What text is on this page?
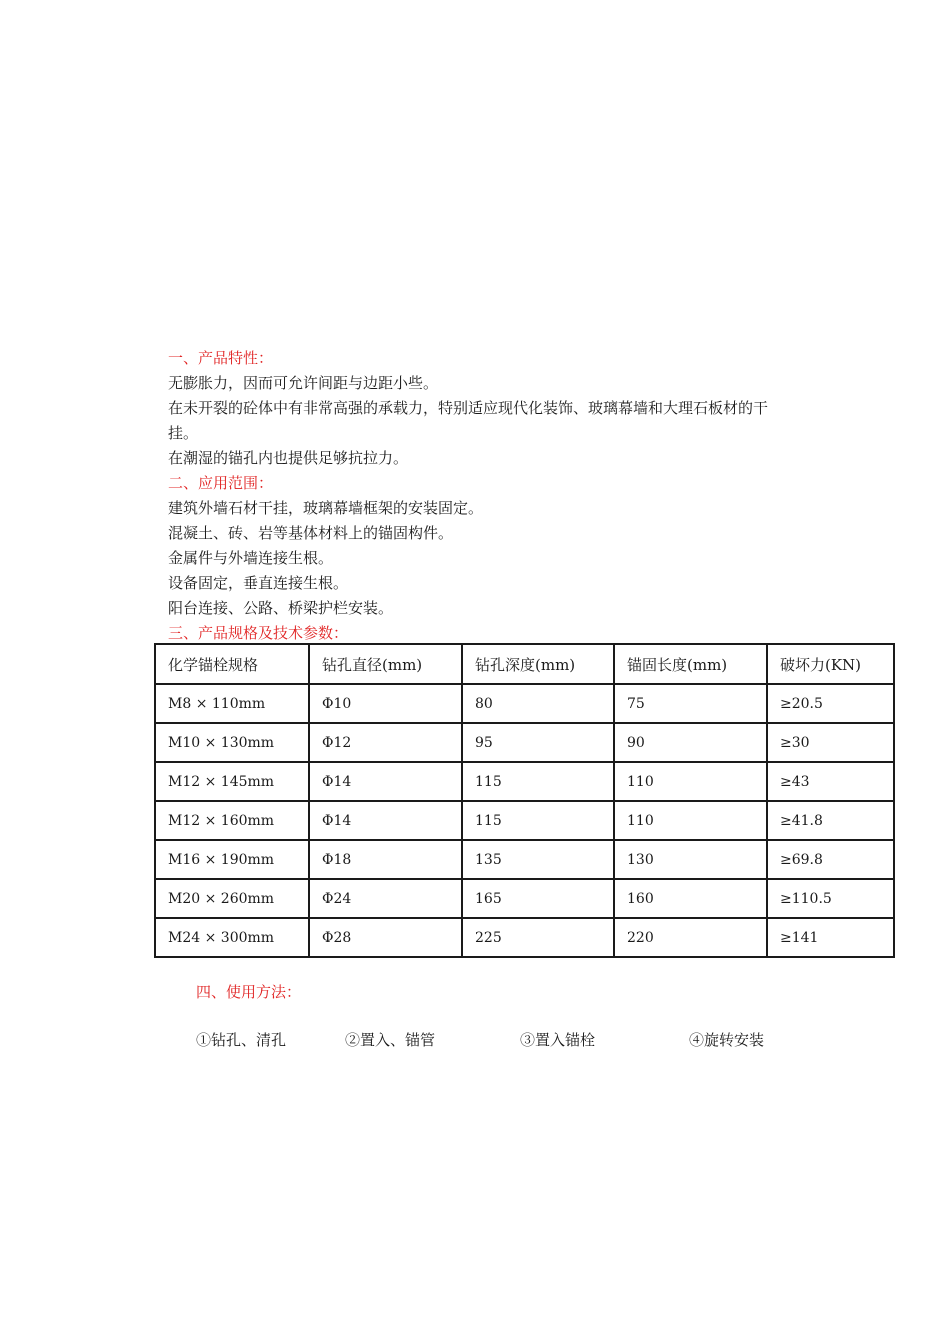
一、产品特性：
无膨胀力，因而可允许间距与边距小些。
在未开裂的砼体中有非常高强的承载力，特别适应现代化装饰、玻璃幕墙和大理石板材的干
挂。
在潮湿的锚孔内也提供足够抗拉力。
二、应用范围：
建筑外墙石材干挂，玻璃幕墙框架的安装固定。
混凝土、砖、岩等基体材料上的锚固构件。
金属件与外墙连接生根。
设备固定，垂直连接生根。
阳台连接、公路、桥梁护栏安装。
三、产品规格及技术参数：
化学锚栓规格	钻孔直径(mm)	钻孔深度(mm)	锚固长度(mm)	破坏力(KN)
M8 × 110mm	Φ10	80	75	≥20.5
M10 × 130mm	Φ12	95	90	≥30
M12 × 145mm	Φ14	115	110	≥43
M12 × 160mm	Φ14	115	110	≥41.8
M16 × 190mm	Φ18	135	130	≥69.8
M20 × 260mm	Φ24	165	160	≥110.5
M24 × 300mm	Φ28	225	220	≥141
四、使用方法：
①钻孔、清孔	②置入、锚管	③置入锚栓	④旋转安装
